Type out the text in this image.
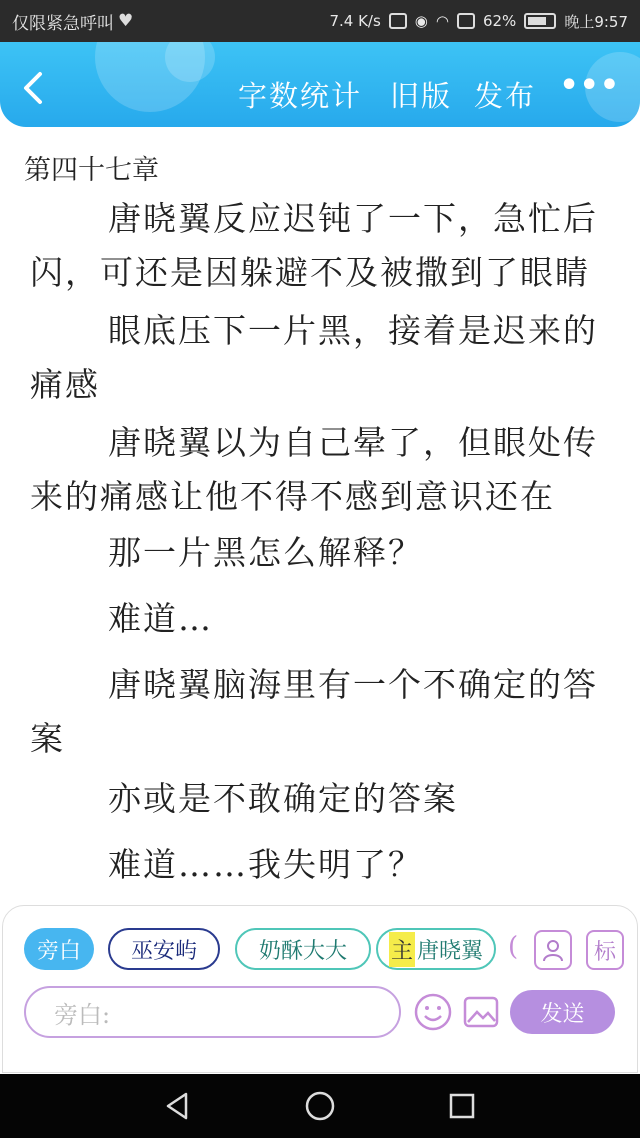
仅限紧急呼叫 ♥	7.4 K/s ◉ ◠ 62%	晚上9:57
字数统计 旧版 发布 •••
第四十七章

唐晓翼反应迟钝了一下，急忙后闪，可还是因躲避不及被撒到了眼睛

眼底压下一片黑，接着是迟来的痛感

唐晓翼以为自己晕了，但眼处传来的痛感让他不得不感到意识还在

那一片黑怎么解释？

难道…

唐晓翼脑海里有一个不确定的答案

亦或是不敢确定的答案

难道……我失明了？

旁白	巫安屿	奶酥大大	主 唐晓翼 (	标
旁白:	发送
